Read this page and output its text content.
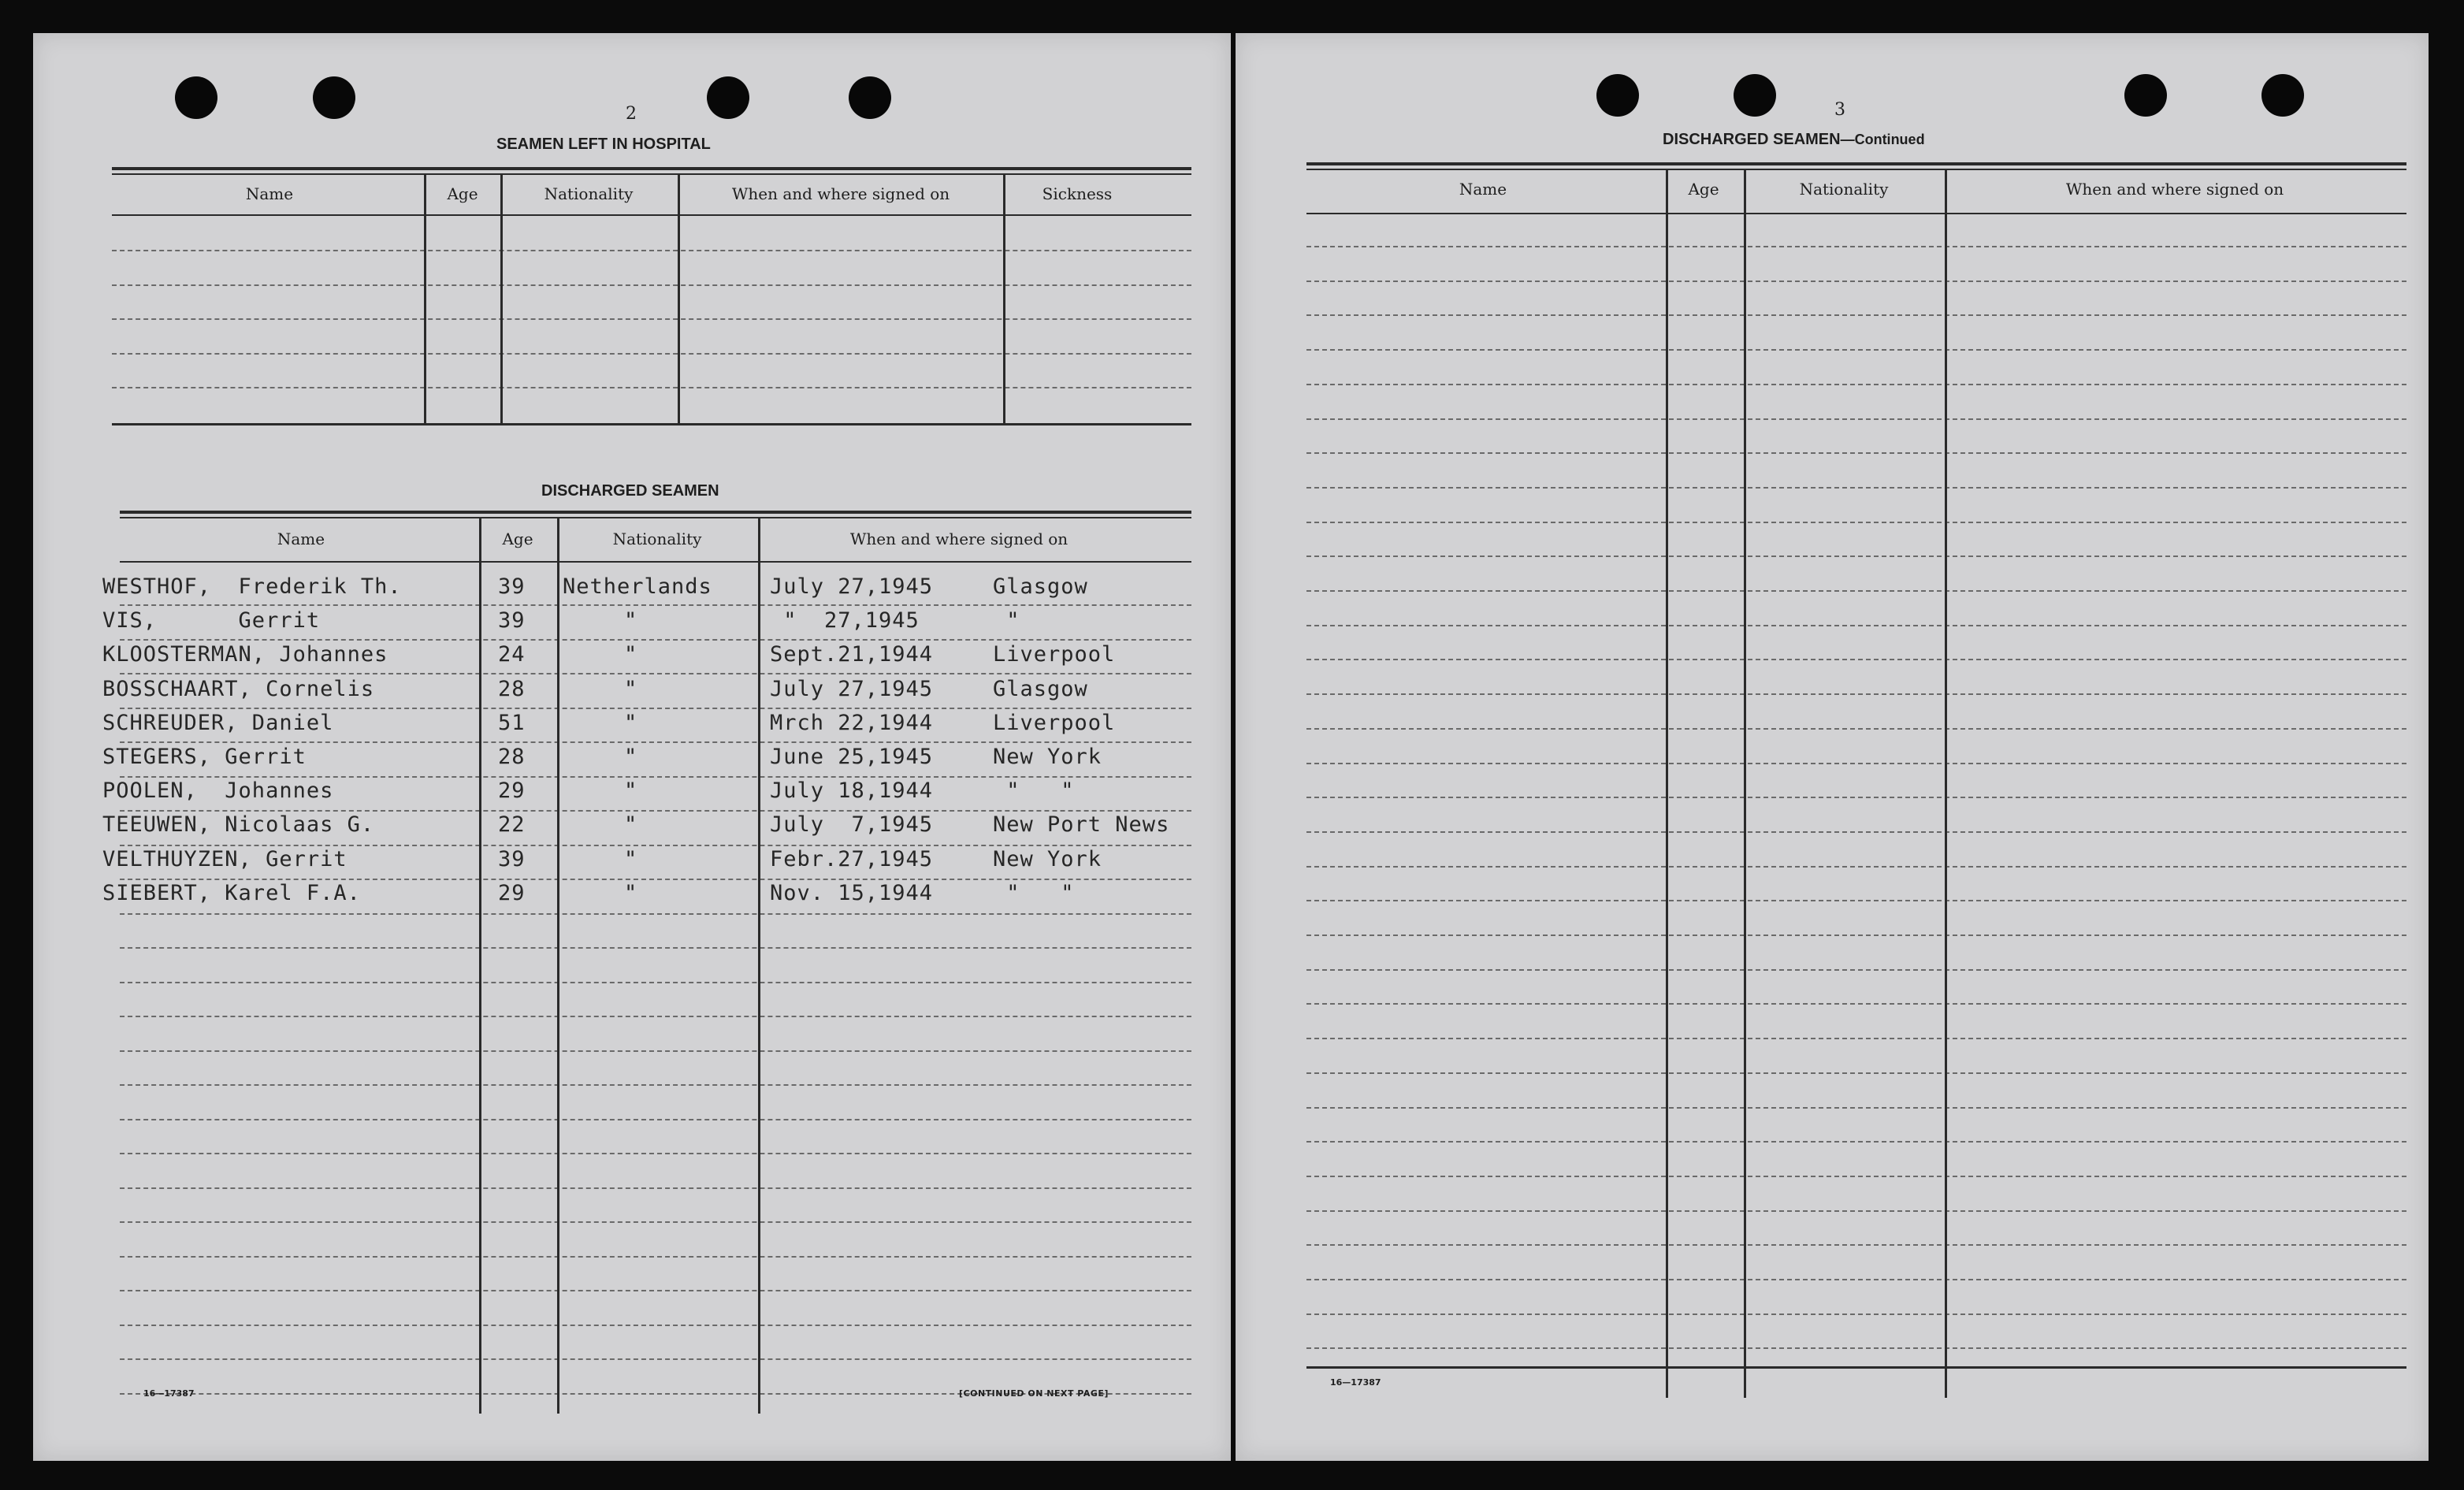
2
SEAMEN LEFT IN HOSPITAL
Name	Age	Nationality	When and where signed on	Sickness
DISCHARGED SEAMEN
Name	Age	Nationality	When and where signed on
WESTHOF,  Frederik Th.	39 Netherlands	July 27,1945	Glasgow
VIS,      Gerrit	39	"	"  27,1945	"
KLOOSTERMAN, Johannes	24	"	Sept.21,1944	Liverpool
BOSSCHAART, Cornelis	28	"	July 27,1945	Glasgow
SCHREUDER, Daniel	51	"	Mrch 22,1944	Liverpool
STEGERS, Gerrit	28	"	June 25,1945	New York
POOLEN,  Johannes	29	"	July 18,1944	"   "
TEEUWEN, Nicolaas G.	22	"	July  7,1945	New Port News
VELTHUYZEN, Gerrit	39	"	Febr.27,1945	New York
SIEBERT, Karel F.A.	29	"	Nov. 15,1944	"   "
16—17387	[CONTINUED ON NEXT PAGE]
3
DISCHARGED SEAMEN—Continued
Name	Age	Nationality	When and where signed on
16—17387
